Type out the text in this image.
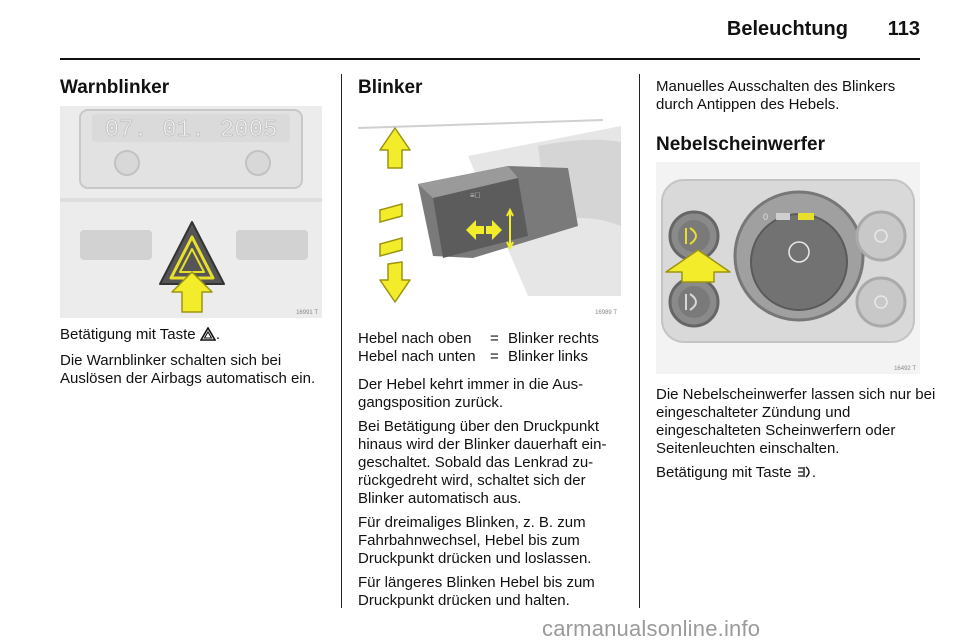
Beleuchtung 113
Warnblinker
07. 01. 2005
16991 T

Betätigung mit Taste .

Die Warnblinker schalten sich bei Auslösen der Airbags automatisch ein.

Blinker
≡⃝
16989 T
Hebel nach oben	= Blinker rechts
Hebel nach unten = Blinker links

Der Hebel kehrt immer in die Aus-gangsposition zurück.

Bei Betätigung über den Druckpunkt hinaus wird der Blinker dauerhaft ein-geschaltet. Sobald das Lenkrad zu-rückgedreht wird, schaltet sich der Blinker automatisch aus.

Für dreimaliges Blinken, z. B. zum Fahrbahnwechsel, Hebel bis zum Druckpunkt drücken und loslassen.

Für längeres Blinken Hebel bis zum Druckpunkt drücken und halten.

Manuelles Ausschalten des Blinkers durch Antippen des Hebels.

Nebelscheinwerfer
0
16492 T

Die Nebelscheinwerfer lassen sich nur bei eingeschalteter Zündung und eingeschalteten Scheinwerfern oder Seitenleuchten einschalten.

Betätigung mit Taste .

carmanualsonline.info
